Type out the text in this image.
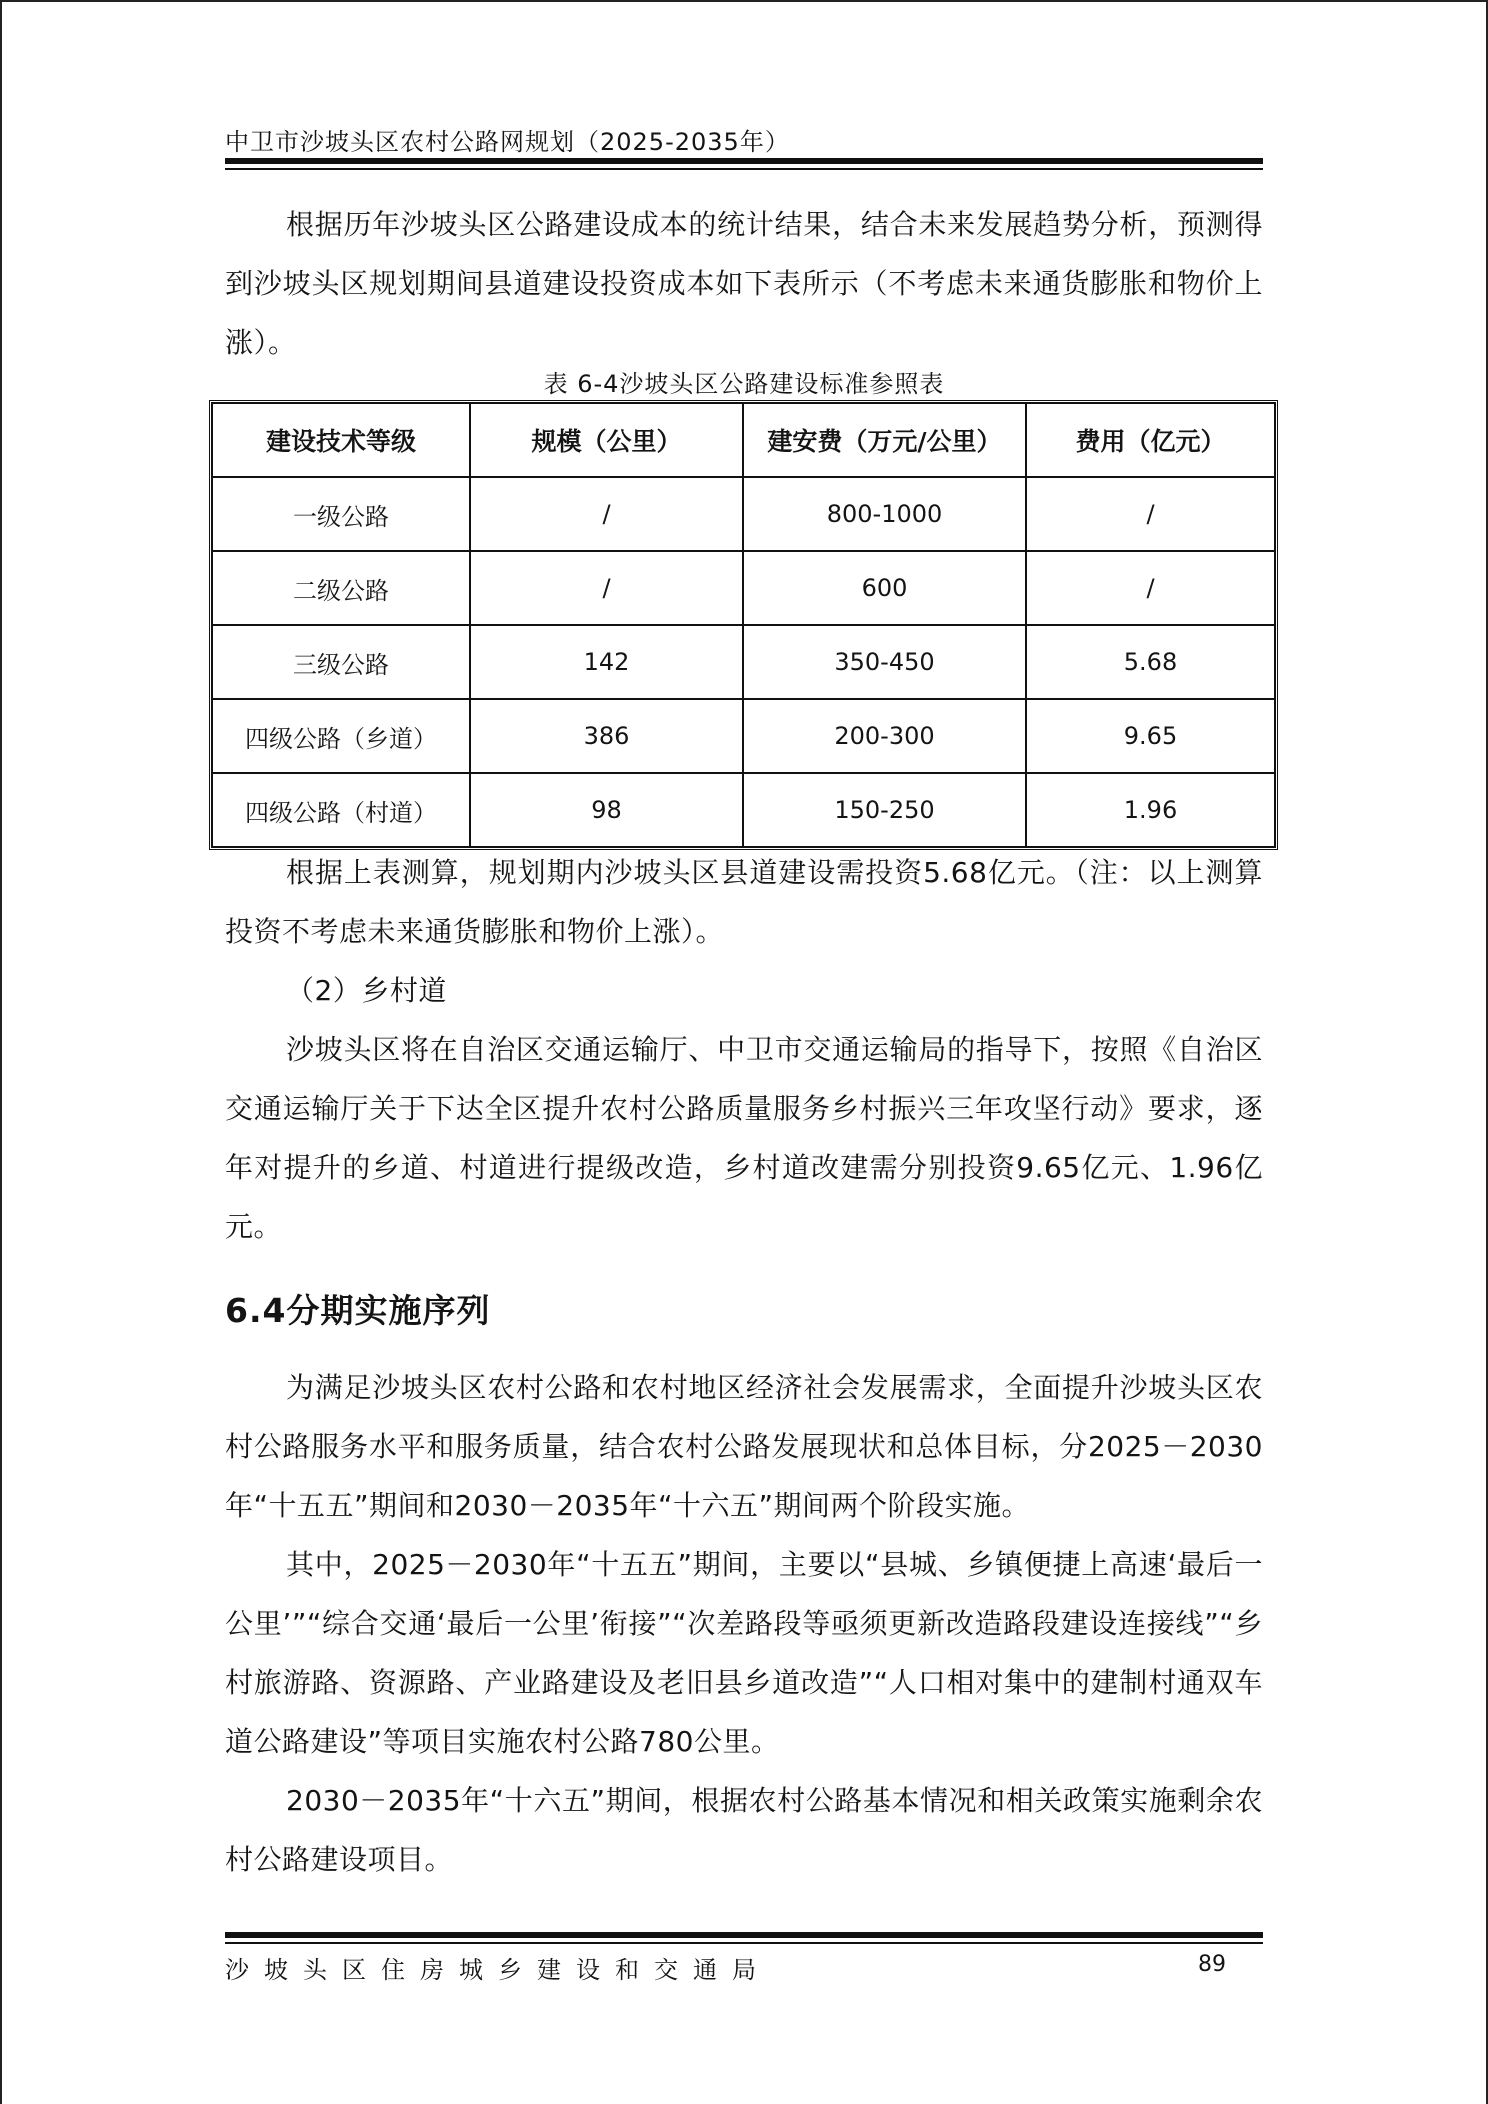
中卫市沙坡头区农村公路网规划（2025-2035年）

根据历年沙坡头区公路建设成本的统计结果，结合未来发展趋势分析，预测得到沙坡头区规划期间县道建设投资成本如下表所示（不考虑未来通货膨胀和物价上涨）。

表 6-4沙坡头区公路建设标准参照表
建设技术等级	规模（公里）	建安费（万元/公里）	费用（亿元）
一级公路	/	800-1000	/
二级公路	/	600	/
三级公路	142	350-450	5.68
四级公路（乡道）	386	200-300	9.65
四级公路（村道）	98	150-250	1.96

根据上表测算，规划期内沙坡头区县道建设需投资5.68亿元。（注：以上测算投资不考虑未来通货膨胀和物价上涨）。

（2）乡村道

沙坡头区将在自治区交通运输厅、中卫市交通运输局的指导下，按照《自治区交通运输厅关于下达全区提升农村公路质量服务乡村振兴三年攻坚行动》要求，逐年对提升的乡道、村道进行提级改造，乡村道改建需分别投资9.65亿元、1.96亿元。

6.4分期实施序列

为满足沙坡头区农村公路和农村地区经济社会发展需求，全面提升沙坡头区农村公路服务水平和服务质量，结合农村公路发展现状和总体目标，分2025－2030年“十五五”期间和2030－2035年“十六五”期间两个阶段实施。

其中，2025－2030年“十五五”期间，主要以“县城、乡镇便捷上高速‘最后一公里’”“综合交通‘最后一公里’衔接”“次差路段等亟须更新改造路段建设连接线”“乡村旅游路、资源路、产业路建设及老旧县乡道改造”“人口相对集中的建制村通双车道公路建设”等项目实施农村公路780公里。

2030－2035年“十六五”期间，根据农村公路基本情况和相关政策实施剩余农村公路建设项目。

沙坡头区住房城乡建设和交通局	89
